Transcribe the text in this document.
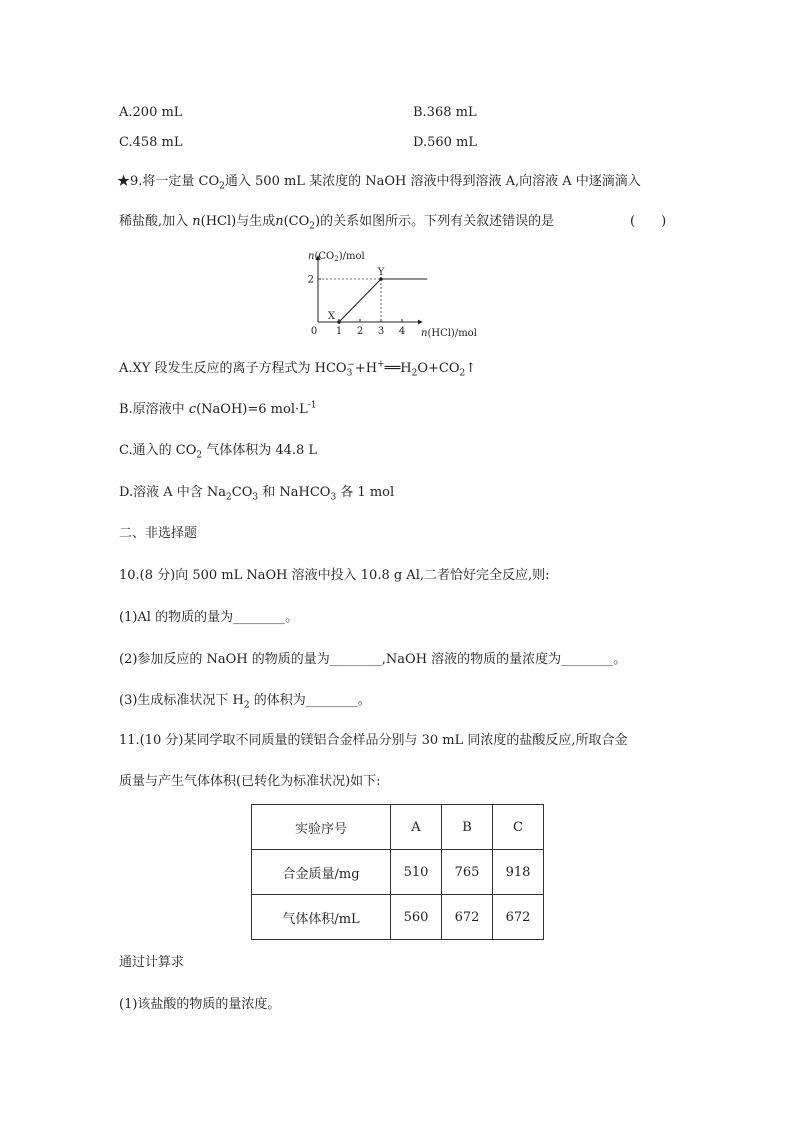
A.200 mL	B.368 mL
C.458 mL	D.560 mL
★9.将一定量 $CO_2$通入 500 mL 某浓度的 NaOH 溶液中得到溶液 A,向溶液 A 中逐滴滴入
稀盐酸,加入 n(HCl)与生成$n(CO_2)$的关系如图所示。下列有关叙述错误的是	(　　)
$n(CO_2)$/mol
n(HCl)/mol
0 1 2 3 4
2
X
Y
A.XY 段发生反应的离子方程式为 $HCO_3^-+H^+══H_2O+CO_2↑$
B.原溶液中 c(NaOH)=6 $mol\cdot L^{-1}$
C.通入的 $CO_2$ 气体体积为 44.8 L
D.溶液 A 中含 $Na_2CO_3$ 和 NaHCO$_3$ 各 1 mol
二、非选择题
10.(8 分)向 500 mL NaOH 溶液中投入 10.8 g Al,二者恰好完全反应,则:
(1)Al 的物质的量为________。
(2)参加反应的 NaOH 的物质的量为________,NaOH 溶液的物质的量浓度为________。
(3)生成标准状况下 $H_2$ 的体积为________。
11.(10 分)某同学取不同质量的镁铝合金样品分别与 30 mL 同浓度的盐酸反应,所取合金
质量与产生气体体积(已转化为标准状况)如下:
实验序号	A	B	C
合金质量/mg	510	765	918
气体体积/mL	560	672	672
通过计算求
(1)该盐酸的物质的量浓度。
